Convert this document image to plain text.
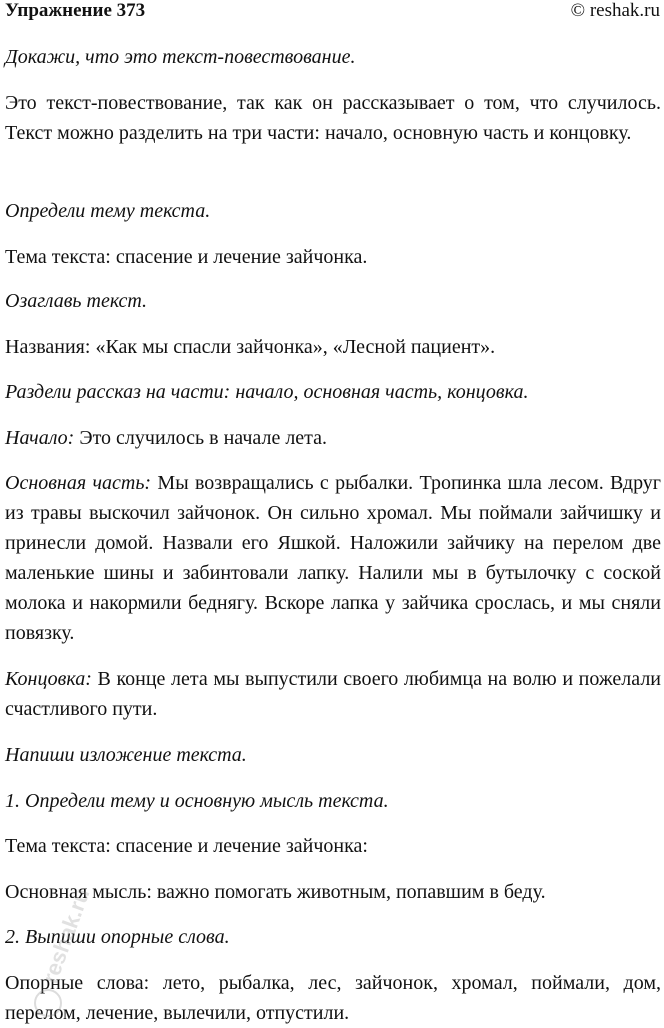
Упражнение 373	© reshak.ru

Докажи, что это текст-повествование.

Это текст-повествование, так как он рассказывает о том, что случилось. Текст можно разделить на три части: начало, основную часть и концовку.

Определи тему текста.

Тема текста: спасение и лечение зайчонка.

Озаглавь текст.

Названия: «Как мы спасли зайчонка», «Лесной пациент».

Раздели рассказ на части: начало, основная часть, концовка.

Начало: Это случилось в начале лета.

Основная часть: Мы возвращались с рыбалки. Тропинка шла лесом. Вдруг из травы выскочил зайчонок. Он сильно хромал. Мы поймали зайчишку и принесли домой. Назвали его Яшкой. Наложили зайчику на перелом две маленькие шины и забинтовали лапку. Налили мы в бутылочку с соской молока и накормили беднягу. Вскоре лапка у зайчика срослась, и мы сняли повязку.

Концовка: В конце лета мы выпустили своего любимца на волю и пожелали счастливого пути.

Напиши изложение текста.

1. Определи тему и основную мысль текста.

Тема текста: спасение и лечение зайчонка:

Основная мысль: важно помогать животным, попавшим в беду.

2. Выпиши опорные слова.

Опорные слова: лето, рыбалка, лес, зайчонок, хромал, поймали, дом, перелом, лечение, вылечили, отпустили.

reshak.ru
